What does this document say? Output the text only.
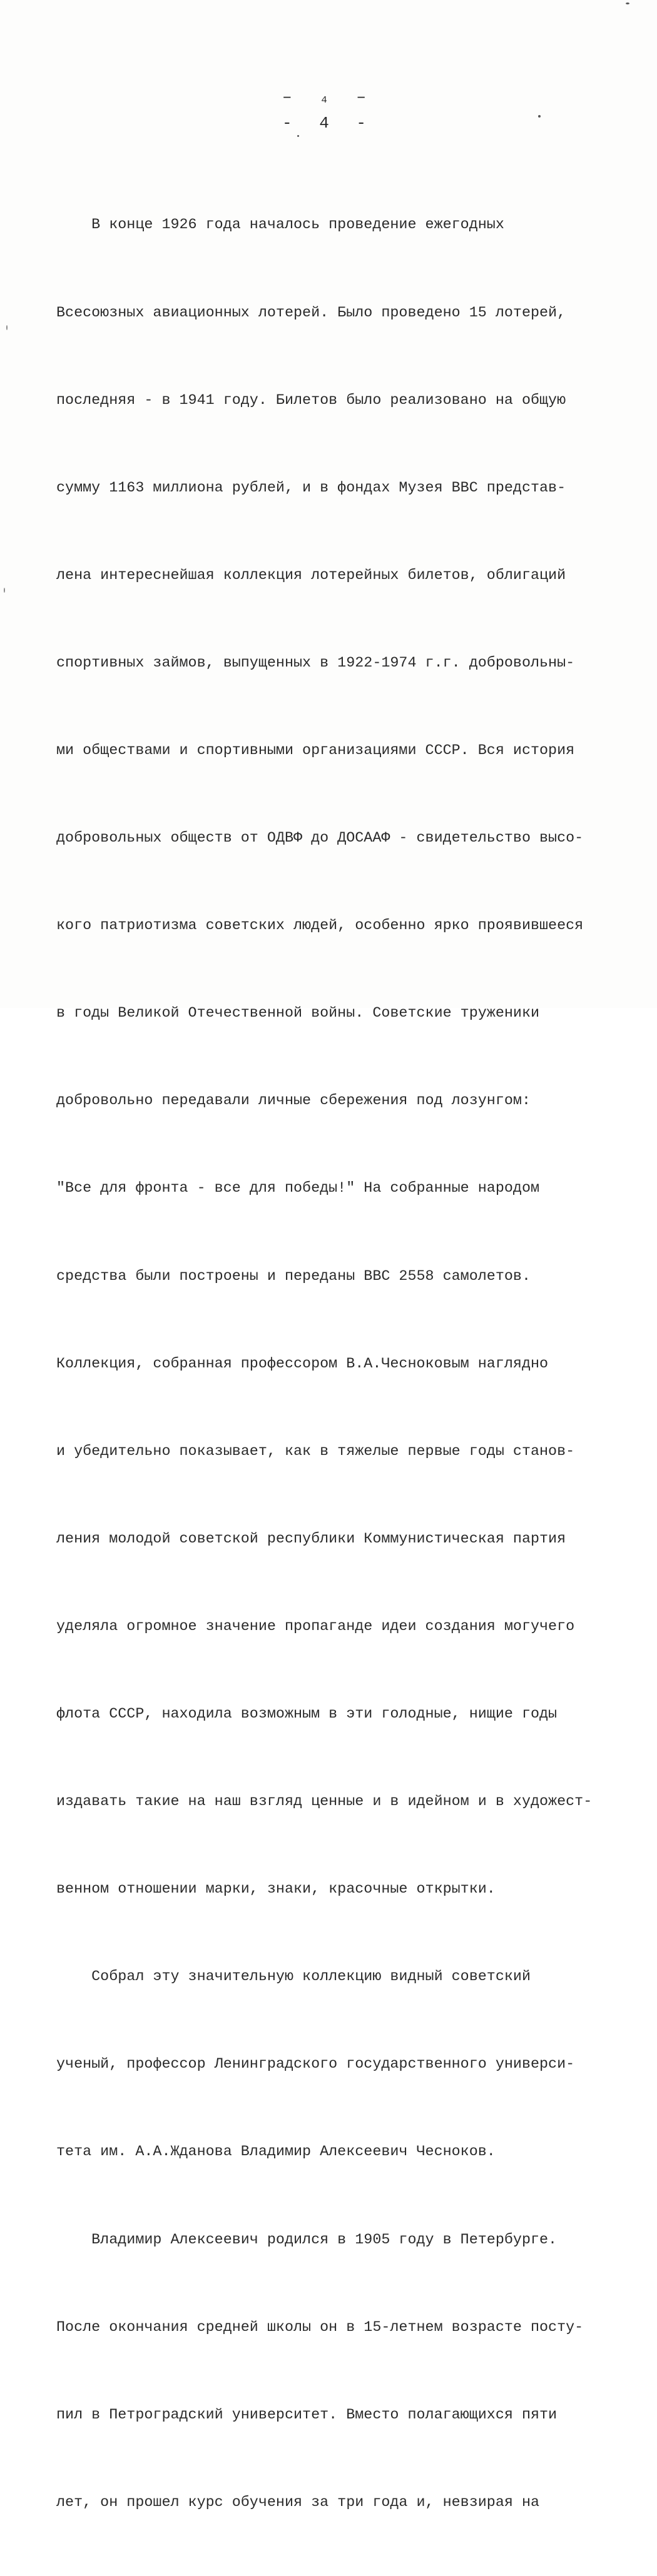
– ₄ –
- 4 -

В конце 1926 года началось проведение ежегодных

Всесоюзных авиационных лотерей. Было проведено 15 лотерей,

последняя - в 1941 году. Билетов было реализовано на общую

сумму 1163 миллиона рублей, и в фондах Музея ВВС представ-

лена интереснейшая коллекция лотерейных билетов, облигаций

спортивных займов, выпущенных в 1922-1974 г.г. добровольны-

ми обществами и спортивными организациями СССР. Вся история

добровольных обществ от ОДВФ до ДОСААФ - свидетельство высо-

кого патриотизма советских людей, особенно ярко проявившееся

в годы Великой Отечественной войны. Советские труженики

добровольно передавали личные сбережения под лозунгом:

"Все для фронта - все для победы!" На собранные народом

средства были построены и переданы ВВС 2558 самолетов.

Коллекция, собранная профессором В.А.Чесноковым наглядно

и убедительно показывает, как в тяжелые первые годы станов-

ления молодой советской республики Коммунистическая партия

уделяла огромное значение пропаганде идеи создания могучего

флота СССР, находила возможным в эти голодные, нищие годы

издавать такие на наш взгляд ценные и в идейном и в художест-

венном отношении марки, знаки, красочные открытки.

Собрал эту значительную коллекцию видный советский

ученый, профессор Ленинградского государственного универси-

тета им. А.А.Жданова Владимир Алексеевич Чесноков.

Владимир Алексеевич родился в 1905 году в Петербурге.

После окончания средней школы он в 15-летнем возрасте посту-

пил в Петроградский университет. Вместо полагающихся пяти

лет, он прошел курс обучения за три года и, невзирая на
